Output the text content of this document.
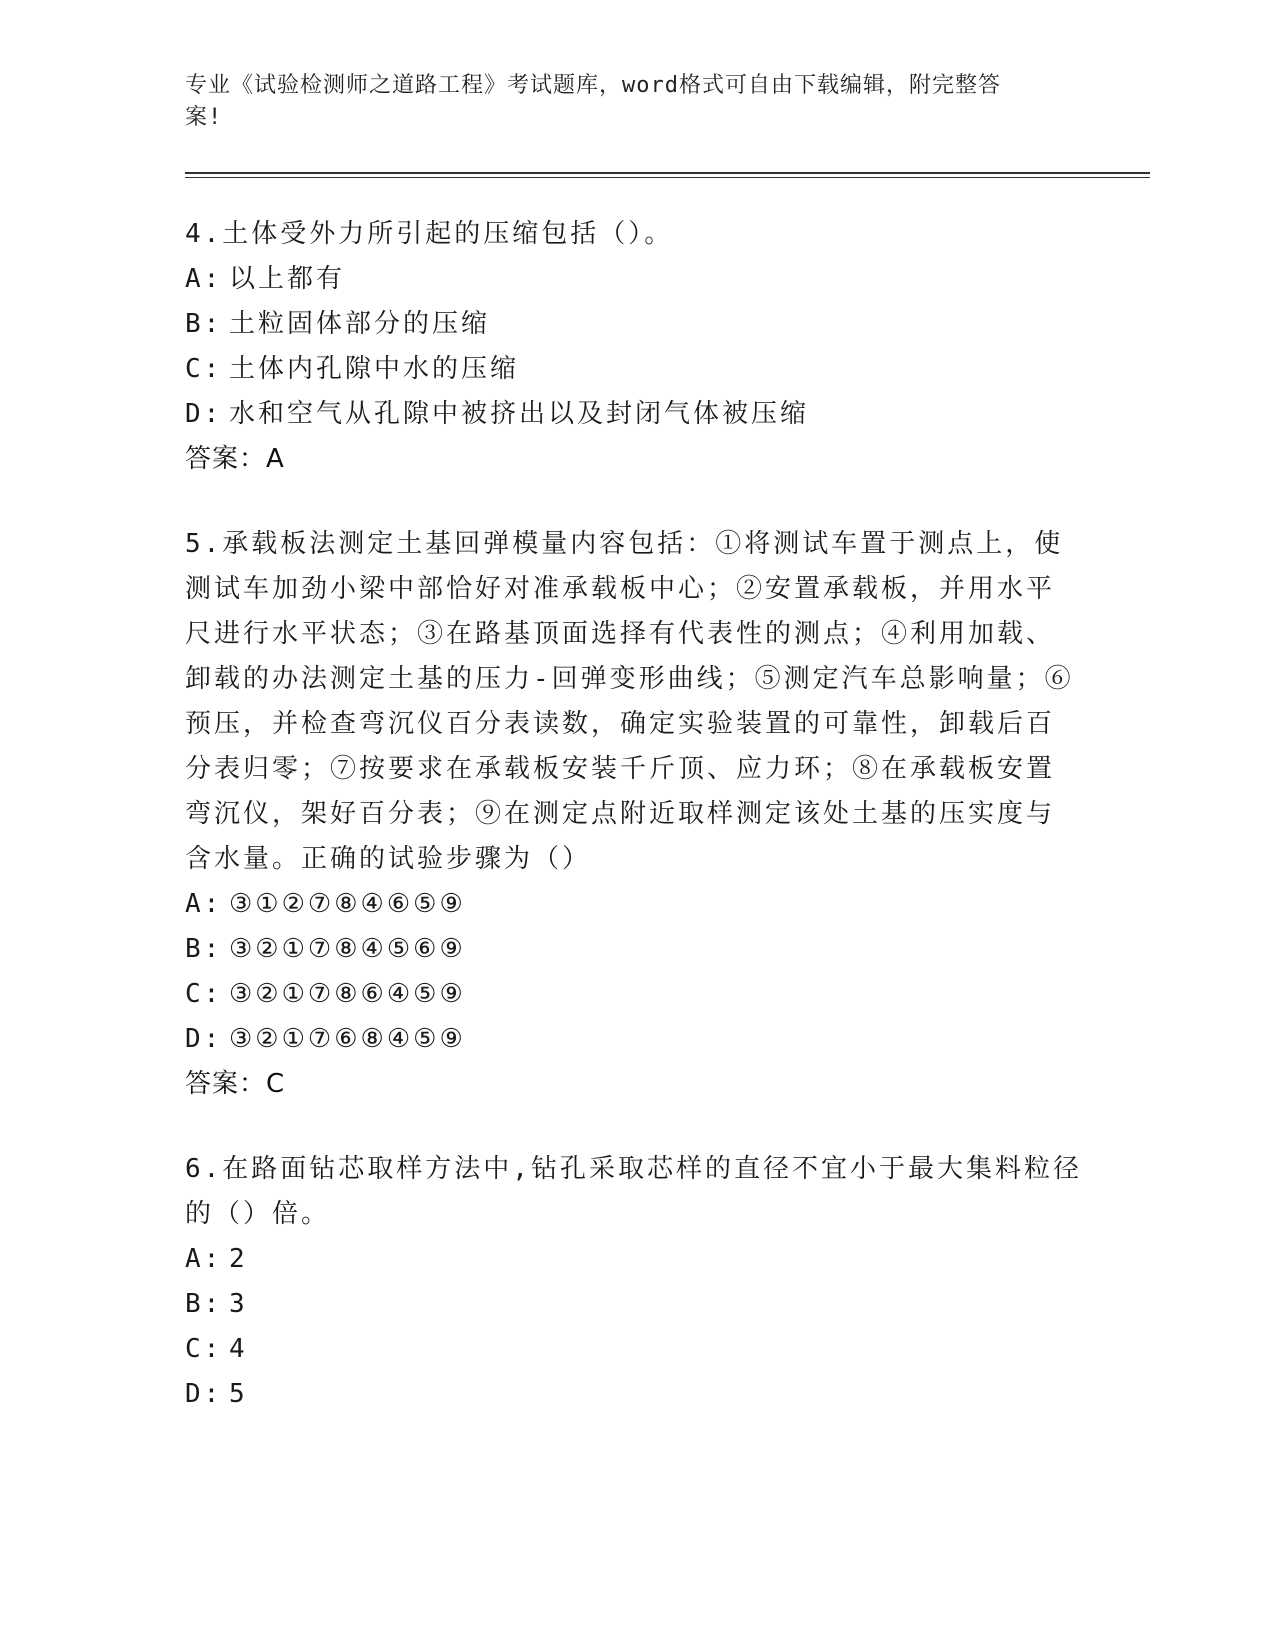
专业《试验检测师之道路工程》考试题库，word格式可自由下载编辑，附完整答

案!

4.土体受外力所引起的压缩包括（）。

A: 以上都有

B: 土粒固体部分的压缩

C: 土体内孔隙中水的压缩

D: 水和空气从孔隙中被挤出以及封闭气体被压缩

答案：A

5.承载板法测定土基回弹模量内容包括：①将测试车置于测点上，使

测试车加劲小梁中部恰好对准承载板中心；②安置承载板，并用水平

尺进行水平状态；③在路基顶面选择有代表性的测点；④利用加载、

卸载的办法测定土基的压力-回弹变形曲线；⑤测定汽车总影响量；⑥

预压，并检查弯沉仪百分表读数，确定实验装置的可靠性，卸载后百

分表归零；⑦按要求在承载板安装千斤顶、应力环；⑧在承载板安置

弯沉仪，架好百分表；⑨在测定点附近取样测定该处土基的压实度与

含水量。正确的试验步骤为（）

A: ③①②⑦⑧④⑥⑤⑨

B: ③②①⑦⑧④⑤⑥⑨

C: ③②①⑦⑧⑥④⑤⑨

D: ③②①⑦⑥⑧④⑤⑨

答案：C

6.在路面钻芯取样方法中,钻孔采取芯样的直径不宜小于最大集料粒径

的（）倍。

A: 2

B: 3

C: 4

D: 5
